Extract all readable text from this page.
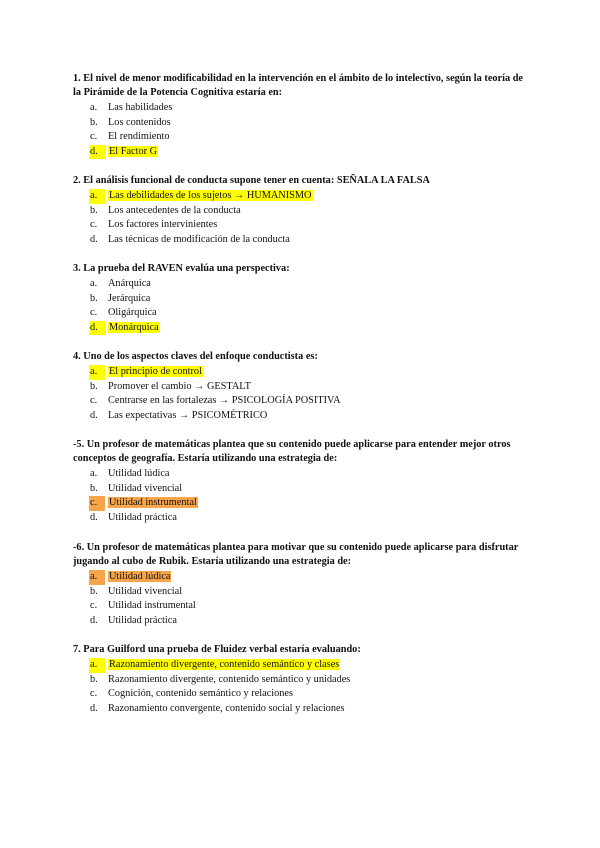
1. El nivel de menor modificabilidad en la intervención en el ámbito de lo intelectivo, según la teoría de la Pirámide de la Potencia Cognitiva estaría en:

a. Las habilidades
b. Los contenidos
c. El rendimiento
d.	El Factor G

2. El análisis funcional de conducta supone tener en cuenta: SEÑALA LA FALSA

a.	Las debilidades de los sujetos → HUMANISMO
b. Los antecedentes de la conducta
c. Los factores intervinientes
d. Las técnicas de modificación de la conducta

3. La prueba del RAVEN evalúa una perspectiva:

a. Anárquica
b. Jerárquica
c. Oligárquica
d.	Monárquica

4. Uno de los aspectos claves del enfoque conductista es:

a.	El principio de control
b. Promover el cambio → GESTALT
c. Centrarse en las fortalezas → PSICOLOGÍA POSITIVA
d. Las expectativas → PSICOMÉTRICO

-5. Un profesor de matemáticas plantea que su contenido puede aplicarse para entender mejor otros conceptos de geografía. Estaría utilizando una estrategia de:

a. Utilidad lúdica
b. Utilidad vivencial
c.	Utilidad instrumental
d. Utilidad práctica

-6. Un profesor de matemáticas plantea para motivar que su contenido puede aplicarse para disfrutar jugando al cubo de Rubik. Estaría utilizando una estrategia de:

a.	Utilidad lúdica
b. Utilidad vivencial
c. Utilidad instrumental
d. Utilidad práctica

7. Para Guilford una prueba de Fluidez verbal estaría evaluando:

a.	Razonamiento divergente, contenido semántico y clases
b. Razonamiento divergente, contenido semántico y unidades
c. Cognición, contenido semántico y relaciones
d. Razonamiento convergente, contenido social y relaciones
